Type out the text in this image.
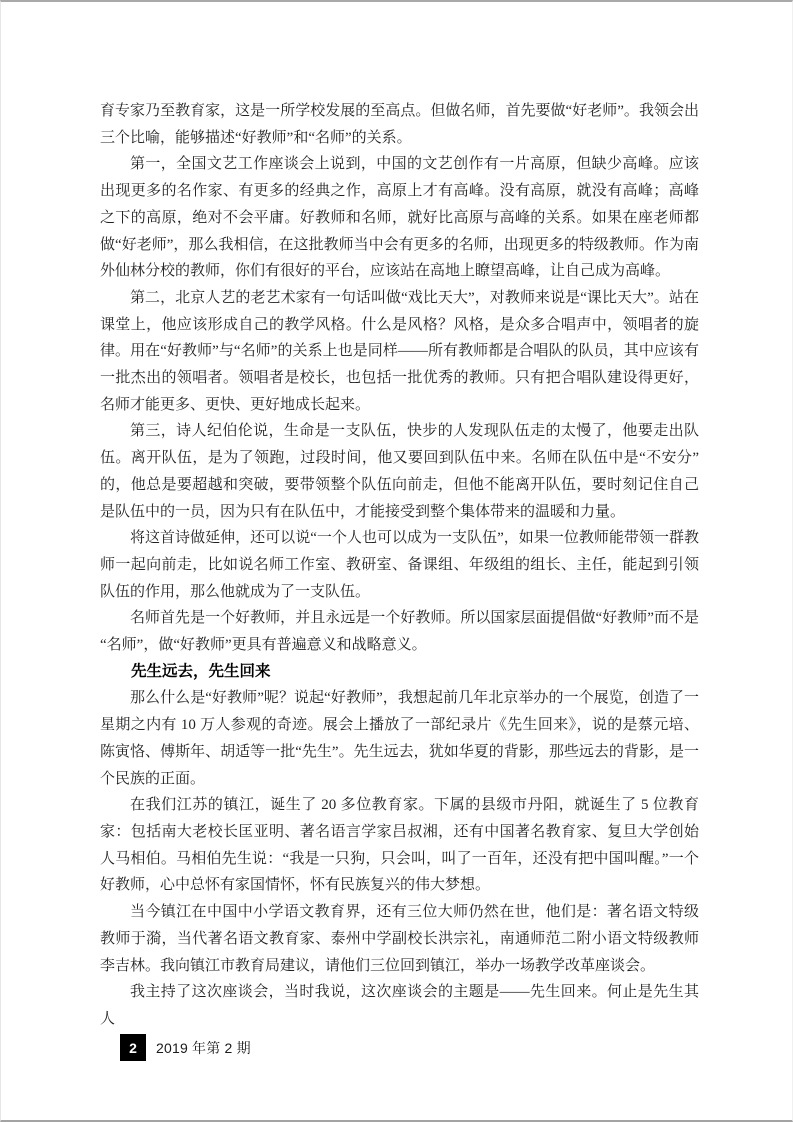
育专家乃至教育家，这是一所学校发展的至高点。但做名师，首先要做“好老师”。我领会出三个比喻，能够描述“好教师”和“名师”的关系。

第一，全国文艺工作座谈会上说到，中国的文艺创作有一片高原，但缺少高峰。应该出现更多的名作家、有更多的经典之作，高原上才有高峰。没有高原，就没有高峰；高峰之下的高原，绝对不会平庸。好教师和名师，就好比高原与高峰的关系。如果在座老师都做“好老师”，那么我相信，在这批教师当中会有更多的名师，出现更多的特级教师。作为南外仙林分校的教师，你们有很好的平台，应该站在高地上瞭望高峰，让自己成为高峰。

第二，北京人艺的老艺术家有一句话叫做“戏比天大”，对教师来说是“课比天大”。站在课堂上，他应该形成自己的教学风格。什么是风格？风格，是众多合唱声中，领唱者的旋律。用在“好教师”与“名师”的关系上也是同样——所有教师都是合唱队的队员，其中应该有一批杰出的领唱者。领唱者是校长，也包括一批优秀的教师。只有把合唱队建设得更好，名师才能更多、更快、更好地成长起来。

第三，诗人纪伯伦说，生命是一支队伍，快步的人发现队伍走的太慢了，他要走出队伍。离开队伍，是为了领跑，过段时间，他又要回到队伍中来。名师在队伍中是“不安分”的，他总是要超越和突破，要带领整个队伍向前走，但他不能离开队伍，要时刻记住自己是队伍中的一员，因为只有在队伍中，才能接受到整个集体带来的温暖和力量。

将这首诗做延伸，还可以说“一个人也可以成为一支队伍”，如果一位教师能带领一群教师一起向前走，比如说名师工作室、教研室、备课组、年级组的组长、主任，能起到引领队伍的作用，那么他就成为了一支队伍。

名师首先是一个好教师，并且永远是一个好教师。所以国家层面提倡做“好教师”而不是“名师”，做“好教师”更具有普遍意义和战略意义。

先生远去，先生回来

那么什么是“好教师”呢？说起“好教师”，我想起前几年北京举办的一个展览，创造了一星期之内有 10 万人参观的奇迹。展会上播放了一部纪录片《先生回来》，说的是蔡元培、陈寅恪、傅斯年、胡适等一批“先生”。先生远去，犹如华夏的背影，那些远去的背影，是一个民族的正面。

在我们江苏的镇江，诞生了 20 多位教育家。下属的县级市丹阳，就诞生了 5 位教育家：包括南大老校长匡亚明、著名语言学家吕叔湘，还有中国著名教育家、复旦大学创始人马相伯。马相伯先生说：“我是一只狗，只会叫，叫了一百年，还没有把中国叫醒。”一个好教师，心中总怀有家国情怀，怀有民族复兴的伟大梦想。

当今镇江在中国中小学语文教育界，还有三位大师仍然在世，他们是：著名语文特级教师于漪，当代著名语文教育家、泰州中学副校长洪宗礼，南通师范二附小语文特级教师李吉林。我向镇江市教育局建议，请他们三位回到镇江，举办一场教学改革座谈会。

我主持了这次座谈会，当时我说，这次座谈会的主题是——先生回来。何止是先生其人

2	2019 年第 2 期
